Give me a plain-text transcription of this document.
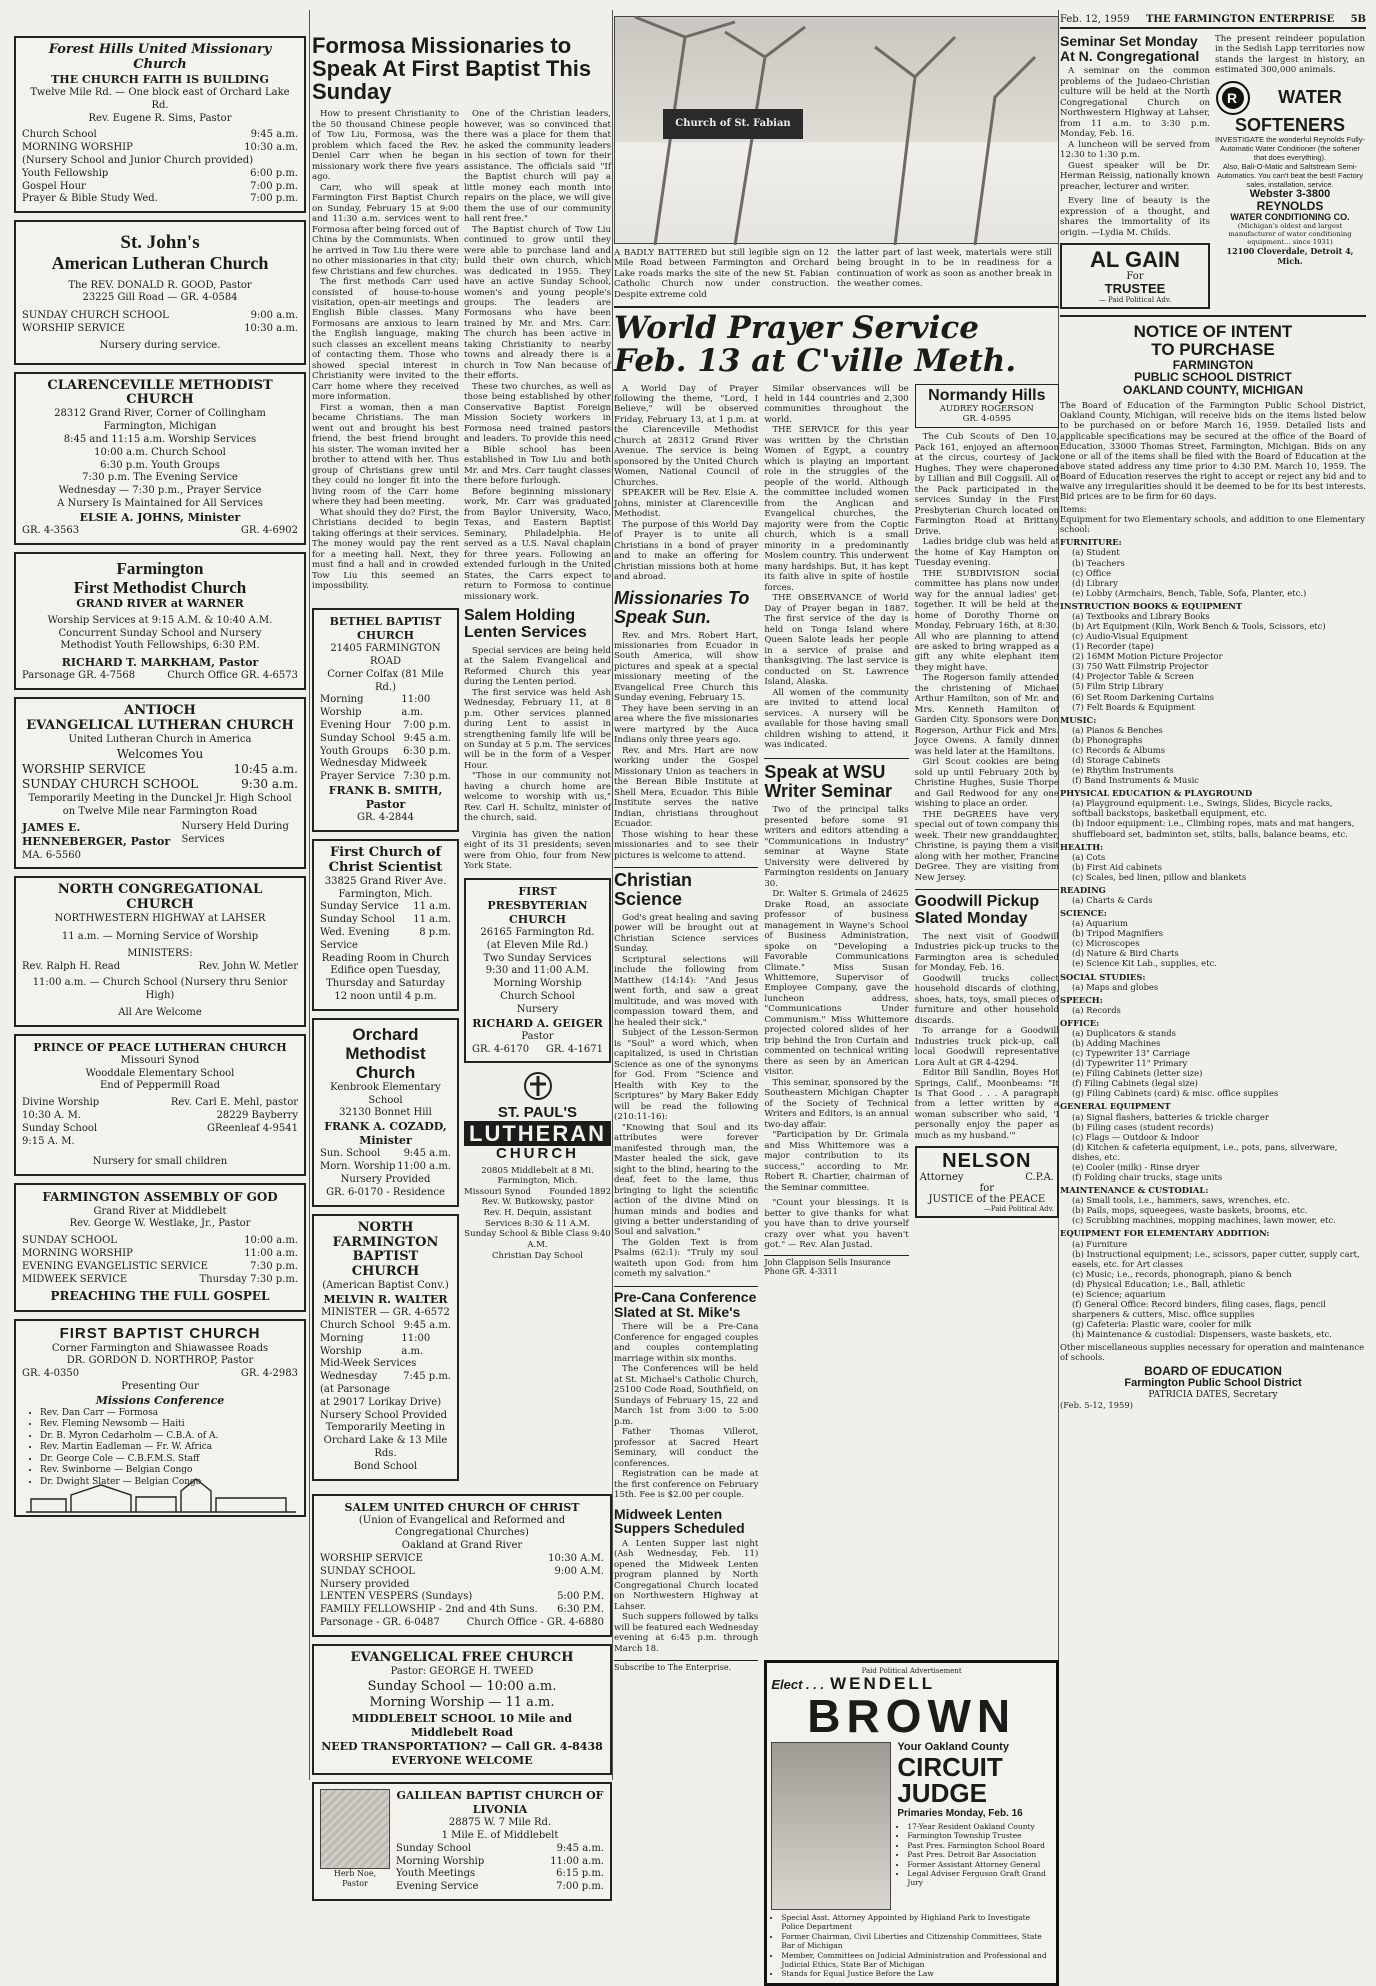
Forest Hills United Missionary Church
THE CHURCH FAITH IS BUILDING
Twelve Mile Rd. — One block east of Orchard Lake Rd.
Rev. Eugene R. Sims, Pastor
Church School	9:45 a.m.
MORNING WORSHIP	10:30 a.m.
(Nursery School and Junior Church provided)
Youth Fellowship	6:00 p.m.
Gospel Hour	7:00 p.m.
Prayer & Bible Study Wed.	7:00 p.m.
St. John's
American Lutheran Church
The REV. DONALD R. GOOD, Pastor
23225 Gill Road — GR. 4-0584
SUNDAY CHURCH SCHOOL	9:00 a.m.
WORSHIP SERVICE	10:30 a.m.
Nursery during service.
CLARENCEVILLE METHODIST CHURCH
28312 Grand River, Corner of Collingham
Farmington, Michigan
8:45 and 11:15 a.m. Worship Services
10:00 a.m. Church School
6:30 p.m. Youth Groups
7:30 p.m. The Evening Service
Wednesday — 7:30 p.m., Prayer Service
A Nursery Is Maintained for All Services
ELSIE A. JOHNS, Minister
GR. 4-3563	GR. 4-6902
Farmington
First Methodist Church
GRAND RIVER at WARNER
Worship Services at 9:15 A.M. & 10:40 A.M.
Concurrent Sunday School and Nursery
Methodist Youth Fellowships, 6:30 P.M.
RICHARD T. MARKHAM, Pastor
Parsonage GR. 4-7568	Church Office GR. 4-6573
ANTIOCH
EVANGELICAL LUTHERAN CHURCH
United Lutheran Church in America
Welcomes You
WORSHIP SERVICE	10:45 a.m.
SUNDAY CHURCH SCHOOL	9:30 a.m.
Temporarily Meeting in the Dunckel Jr. High School
on Twelve Mile near Farmington Road
JAMES E. HENNEBERGER, Pastor
Nursery Held During Services
MA. 6-5560
NORTH CONGREGATIONAL CHURCH
NORTHWESTERN HIGHWAY at LAHSER
11 a.m. — Morning Service of Worship
MINISTERS:
Rev. Ralph H. Read	Rev. John W. Metler
11:00 a.m. — Church School (Nursery thru Senior High)
All Are Welcome
PRINCE OF PEACE LUTHERAN CHURCH
Missouri Synod
Wooddale Elementary School
End of Peppermill Road
Divine Worship
10:30 A. M.
Sunday School
9:15 A. M.
Rev. Carl E. Mehl, pastor
28229 Bayberry
GReenleaf 4-9541
Nursery for small children
FARMINGTON ASSEMBLY OF GOD
Grand River at Middlebelt
Rev. George W. Westlake, Jr., Pastor
SUNDAY SCHOOL	10:00 a.m.
MORNING WORSHIP	11:00 a.m.
EVENING EVANGELISTIC SERVICE	7:30 p.m.
MIDWEEK SERVICE	Thursday 7:30 p.m.
PREACHING THE FULL GOSPEL
FIRST BAPTIST CHURCH
Corner Farmington and Shiawassee Roads
DR. GORDON D. NORTHROP, Pastor
GR. 4-0350	GR. 4-2983
Presenting Our
Missions Conference
• Rev. Dan Carr — Formosa
• Rev. Fleming Newsomb — Haiti
• Dr. B. Myron Cedarholm — C.B.A. of A.
• Rev. Martin Eadleman — Fr. W. Africa
• Dr. George Cole — C.B.F.M.S. Staff
• Rev. Swinborne — Belgian Congo
• Dr. Dwight Slater — Belgian Congo
Formosa Missionaries to Speak At First Baptist This Sunday

How to present Christianity to the 50 thousand Chinese people of Tow Liu, Formosa, was the problem which faced the Rev. Deniel Carr when he began missionary work there five years ago.

Carr, who will speak at Farmington First Baptist Church on Sunday, February 15 at 9:00 and 11:30 a.m. services went to Formosa after being forced out of China by the Communists. When he arrived in Tow Liu there were no other missionaries in that city; few Christians and few churches.

The first methods Carr used consisted of house-to-house visitation, open-air meetings and English Bible classes. Many Formosans are anxious to learn the English language, making such classes an excellent means of contacting them. Those who showed special interest in Christianity were invited to the Carr home where they received more information.

First a woman, then a man became Christians. The man went out and brought his best friend, the best friend brought his sister. The woman invited her brother to attend with her. Thus group of Christians grew until they could no longer fit into the living room of the Carr home where they had been meeting.

What should they do? First, the Christians decided to begin taking offerings at their services. The money would pay the rent for a meeting hall. Next, they must find a hall and in crowded Tow Liu this seemed an impossibility.

One of the Christian leaders, however, was so convinced that there was a place for them that he asked the community leaders in his section of town for their assistance. The officials said "If the Baptist church will pay a little money each month into repairs on the place, we will give them the use of our community hall rent free."

The Baptist church of Tow Liu continued to grow until they were able to purchase land and build their own church, which was dedicated in 1955. They have an active Sunday School, women's and young people's groups. The leaders are Formosans who have been trained by Mr. and Mrs. Carr. The church has been active in taking Christianity to nearby towns and already there is a church in Tow Nan because of their efforts.

These two churches, as well as those being established by other Conservative Baptist Foreign Mission Society workers in Formosa need trained pastors and leaders. To provide this need a Bible school has been established in Tow Liu and both Mr. and Mrs. Carr taught classes there before furlough.

Before beginning missionary work, Mr. Carr was graduated from Baylor University, Waco, Texas, and Eastern Baptist Seminary, Philadelphia. He served as a U.S. Naval chaplain for three years. Following an extended furlough in the United States, the Carrs expect to return to Formosa to continue missionary work.

BETHEL BAPTIST CHURCH
21405 FARMINGTON ROAD
Corner Colfax (81 Mile Rd.)
Morning Worship
11:00 a.m.
Evening Hour 7:00 p.m.
Sunday School 9:45 a.m.
Youth Groups 6:30 p.m.
Wednesday Midweek
Prayer Service 7:30 p.m.
FRANK B. SMITH, Pastor
GR. 4-2844
First Church of Christ Scientist
33825 Grand River Ave.
Farmington, Mich.
Sunday Service 11 a.m.
Sunday School 11 a.m.
Wed. Evening	8 p.m.
Service
Reading Room in Church Edifice open Tuesday, Thursday and Saturday 12 noon until 4 p.m.
Orchard Methodist Church
Kenbrook Elementary School
32130 Bonnet Hill
FRANK A. COZADD, Minister
Sun. School 9:45 a.m.
Morn. Worship 11:00 a.m.
Nursery Provided
GR. 6-0170 - Residence
NORTH FARMINGTON BAPTIST CHURCH
(American Baptist Conv.)
MELVIN R. WALTER
MINISTER — GR. 4-6572
Church School 9:45 a.m.
Morning Worship
11:00 a.m.
Mid-Week Services
Wednesday	7:45 p.m.
(at Parsonage
at 29017 Lorikay Drive)
Nursery School Provided
Temporarily Meeting in
Orchard Lake & 13 Mile Rds.
Bond School
Salem Holding Lenten Services

Special services are being held at the Salem Evangelical and Reformed Church this year during the Lenten period.

The first service was held Ash Wednesday, February 11, at 8 p.m. Other services planned during Lent to assist in strengthening family life will be on Sunday at 5 p.m. The services will be in the form of a Vesper Hour.

"Those in our community not having a church home are welcome to worship with us," Rev. Carl H. Schultz, minister of the church, said.

Virginia has given the nation eight of its 31 presidents; seven were from Ohio, four from New York State.

FIRST PRESBYTERIAN CHURCH
26165 Farmington Rd.
(at Eleven Mile Rd.)
Two Sunday Services
9:30 and 11:00 A.M.
Morning Worship
Church School
Nursery
RICHARD A. GEIGER
Pastor
GR. 4-6170 GR. 4-1671
ST. PAUL'S
LUTHERAN
CHURCH
20805 Middlebelt at 8 Mi.
Farmington, Mich.
Missouri Synod Founded 1892
Rev. W. Butkowsky, pastor
Rev. H. Dequin, assistant
Services 8:30 & 11 A.M.
Sunday School & Bible Class 9:40 A.M.
Christian Day School
SALEM UNITED CHURCH OF CHRIST
(Union of Evangelical and Reformed and Congregational Churches)
Oakland at Grand River
WORSHIP SERVICE	10:30 A.M.
SUNDAY SCHOOL	9:00 A.M.
Nursery provided
LENTEN VESPERS (Sundays)	5:00 P.M.
FAMILY FELLOWSHIP - 2nd and 4th Suns. 6:30 P.M.
Parsonage - GR. 6-0487	Church Office - GR. 4-6880
EVANGELICAL FREE CHURCH
Pastor: GEORGE H. TWEED
Sunday School — 10:00 a.m.
Morning Worship — 11 a.m.
MIDDLEBELT SCHOOL 10 Mile and Middlebelt Road
NEED TRANSPORTATION? — Call GR. 4-8438
EVERYONE WELCOME
Herb Noe, Pastor
GALILEAN BAPTIST CHURCH OF LIVONIA
28875 W. 7 Mile Rd.
1 Mile E. of Middlebelt
Sunday School	9:45 a.m.
Morning Worship	11:00 a.m.
Youth Meetings	6:15 p.m.
Evening Service	7:00 p.m.
Church of St. Fabian
A BADLY BATTERED but still legible sign on 12 Mile Road between Farmington and Orchard Lake roads marks the site of the new St. Fabian Catholic Church now under construction. Despite extreme cold
the latter part of last week, materials were still being brought in to be in readiness for a continuation of work as soon as another break in the weather comes.
World Prayer Service Feb. 13 at C'ville Meth.

A World Day of Prayer following the theme, "Lord, I Believe," will be observed Friday, February 13, at 1 p.m. at the Clarenceville Methodist Church at 28312 Grand River Avenue. The service is being sponsored by the United Church Women, National Council of Churches.

SPEAKER will be Rev. Elsie A. Johns, minister at Clarenceville Methodist.

The purpose of this World Day of Prayer is to unite all Christians in a bond of prayer and to make an offering for Christian missions both at home and abroad.

Missionaries To Speak Sun.

Rev. and Mrs. Robert Hart, missionaries from Ecuador in South America, will show pictures and speak at a special missionary meeting of the Evangelical Free Church this Sunday evening, February 15.

They have been serving in an area where the five missionaries were martyred by the Auca Indians only three years ago.

Rev. and Mrs. Hart are now working under the Gospel Missionary Union as teachers in the Berean Bible Institute at Shell Mera, Ecuador. This Bible Institute serves the native Indian, christians throughout Ecuador.

Those wishing to hear these missionaries and to see their pictures is welcome to attend.

Christian Science

God's great healing and saving power will be brought out at Christian Science services Sunday.

Scriptural selections will include the following from Matthew (14:14): "And Jesus went forth, and saw a great multitude, and was moved with compassion toward them, and he healed their sick."

Subject of the Lesson-Sermon is "Soul" a word which, when capitalized, is used in Christian Science as one of the synonyms for God. From "Science and Health with Key to the Scriptures" by Mary Baker Eddy will be read the following (210:11-16):

"Knowing that Soul and its attributes were forever manifested through man, the Master healed the sick, gave sight to the blind, hearing to the deaf, feet to the lame, thus bringing to light the scientific action of the divine Mind on human minds and bodies and giving a better understanding of Soul and salvation."

The Golden Text is from Psalms (62:1): "Truly my soul waiteth upon God: from him cometh my salvation."

Pre-Cana Conference Slated at St. Mike's

There will be a Pre-Cana Conference for engaged couples and couples contemplating marriage within six months.

The Conferences will be held at St. Michael's Catholic Church, 25100 Code Road, Southfield, on Sundays of February 15, 22 and March 1st from 3:00 to 5:00 p.m.

Father Thomas Villerot, professor at Sacred Heart Seminary, will conduct the conferences.

Registration can be made at the first conference on February 15th. Fee is $2.00 per couple.

Midweek Lenten Suppers Scheduled

A Lenten Supper last night (Ash Wednesday, Feb. 11) opened the Midweek Lenten program planned by North Congregational Church located on Northwestern Highway at Lahser.

Such suppers followed by talks will be featured each Wednesday evening at 6:45 p.m. through March 18.

Similar observances will be held in 144 countries and 2,300 communities throughout the world.

THE SERVICE for this year was written by the Christian Women of Egypt, a country which is playing an important role in the struggles of the people of the world. Although the committee included women from the Anglican and Evangelical churches, the majority were from the Coptic church, which is a small minority in a predominantly Moslem country. This underwent many hardships. But, it has kept its faith alive in spite of hostile forces.

THE OBSERVANCE of World Day of Prayer began in 1887. The first service of the day is held on Tonga Island where Queen Salote leads her people in a service of praise and thanksgiving. The last service is conducted on St. Lawrence Island, Alaska.

All women of the community are invited to attend local services. A nursery will be available for those having small children wishing to attend, it was indicated.

Speak at WSU Writer Seminar

Two of the principal talks presented before some 91 writers and editors attending a "Communications in Industry" seminar at Wayne State University were delivered by Farmington residents on January 30.

Dr. Walter S. Grimala of 24625 Drake Road, an associate professor of business management in Wayne's School of Business Administration, spoke on "Developing a Favorable Communications Climate." Miss Susan Whittemore, Supervisor of Employee Company, gave the luncheon address, "Communications Under Communism." Miss Whittemore projected colored slides of her trip behind the Iron Curtain and commented on technical writing there as seen by an American visitor.

This seminar, sponsored by the Southeastern Michigan Chapter of the Society of Technical Writers and Editors, is an annual two-day affair.

"Participation by Dr. Grimala and Miss Whittemore was a major contribution to its success," according to Mr. Robert R. Chartier, chairman of the Seminar committee.

"Count your blessings. It is better to give thanks for what you have than to drive yourself crazy over what you haven't got." — Rev. Alan Justad.

John Clappison Sells Insurance Phone GR. 4-3311
Normandy Hills
AUDREY ROGERSON
GR. 4-0595

The Cub Scouts of Den 10, Pack 161, enjoyed an afternoon at the circus, courtesy of Jack Hughes. They were chaperoned by Lillian and Bill Coggsill. All of the Pack participated in the services Sunday in the First Presbyterian Church located on Farmington Road at Brittany Drive.

Ladies bridge club was held at the home of Kay Hampton on Tuesday evening.

THE SUBDIVISION social committee has plans now under way for the annual ladies' get-together. It will be held at the home of Dorothy Thorne on Monday, February 16th, at 8:30. All who are planning to attend are asked to bring wrapped as a gift any white elephant item they might have.

The Rogerson family attended the christening of Michael Arthur Hamilton, son of Mr. and Mrs. Kenneth Hamilton of Garden City. Sponsors were Don Rogerson, Arthur Fick and Mrs. Joyce Owens. A family dinner was held later at the Hamiltons.

Girl Scout cookies are being sold up until February 20th by Christine Hughes, Susie Thorpe and Gail Redwood for any one wishing to place an order.

THE DeGREES have very special out of town company this week. Their new granddaughter, Christine, is paying them a visit along with her mother, Francine DeGree. They are visiting from New Jersey.

Goodwill Pickup Slated Monday

The next visit of Goodwill Industries pick-up trucks to the Farmington area is scheduled for Monday, Feb. 16.

Goodwill trucks collect household discards of clothing, shoes, hats, toys, small pieces of furniture and other household discards.

To arrange for a Goodwill Industries truck pick-up, call local Goodwill representative Lora Ault at GR 4-4294.

Editor Bill Sandlin, Boyes Hot Springs, Calif., Moonbeams: "It Is That Good . . . A paragraph from a letter written by a woman subscriber who said, 'I personally enjoy the paper as much as my husband.'"

NELSON
Attorney	C.P.A.
for
JUSTICE of the PEACE
—Paid Political Adv.
Subscribe to The Enterprise.	Paid Political Advertisement
Elect . . . WENDELL
BROWN
Your Oakland County
CIRCUIT
JUDGE
Primaries Monday, Feb. 16
• 17-Year Resident Oakland County
• Farmington Township Trustee
• Past Pres. Farmington School Board
• Past Pres. Detroit Bar Association
• Former Assistant Attorney General
• Legal Adviser Ferguson Graft Grand Jury
• Special Asst. Attorney Appointed by Highland Park to Investigate Police Department
• Former Chairman, Civil Liberties and Citizenship Committees, State Bar of Michigan
• Member, Committees on Judicial Administration and Professional and Judicial Ethics, State Bar of Michigan
• Stands for Equal Justice Before the Law
Feb. 12, 1959 THE FARMINGTON ENTERPRISE 5B
Seminar Set Monday At N. Congregational

A seminar on the common problems of the Judaeo-Christian culture will be held at the North Congregational Church on Northwestern Highway at Lahser, from 11 a.m. to 3:30 p.m. Monday, Feb. 16.

A luncheon will be served from 12:30 to 1:30 p.m.

Guest speaker will be Dr. Herman Reissig, nationally known preacher, lecturer and writer.

Every line of beauty is the expression of a thought, and shares the immortality of its origin. —Lydia M. Childs.

AL GAIN
For
TRUSTEE
— Paid Political Adv.
The present reindeer population in the Sedish Lapp territories now stands the largest in history, an estimated 300,000 animals.
R	WATER
SOFTENERS
INVESTIGATE the wonderful Reynolds Fully-Automatic Water Conditioner (the softener that does everything).
Also, Bali-O-Matic and Saltstream Semi-Automatics. You can't beat the best! Factory sales, installation, service.
Webster 3-3800
REYNOLDS
WATER CONDITIONING CO.
(Michigan's oldest and largest manufacturer of water conditioning equipment... since 1931)
12100 Cloverdale, Detroit 4, Mich.
NOTICE OF INTENT
TO PURCHASE
FARMINGTON
PUBLIC SCHOOL DISTRICT
OAKLAND COUNTY, MICHIGAN

The Board of Education of the Farmington Public School District, Oakland County, Michigan, will receive bids on the items listed below to be purchased on or before March 16, 1959. Detailed lists and applicable specifications may be secured at the office of the Board of Education, 33000 Thomas Street, Farmington, Michigan. Bids on any one or all of the items shall be filed with the Board of Education at the above stated address any time prior to 4:30 P.M. March 10, 1959. The Board of Education reserves the right to accept or reject any bid and to waive any irregularities should it be deemed to be for its best interests. Bid prices are to be firm for 60 days.

Items:
Equipment for two Elementary schools, and addition to one Elementary school:
FURNITURE:
(a) Student
(b) Teachers
(c) Office
(d) Library
(e) Lobby (Armchairs, Bench, Table, Sofa, Planter, etc.)
INSTRUCTION BOOKS & EQUIPMENT
(a) Textbooks and Library Books
(b) Art Equipment (Kiln, Work Bench & Tools, Scissors, etc)
(c) Audio-Visual Equipment
(1) Recorder (tape)
(2) 16MM Motion Picture Projector
(3) 750 Watt Filmstrip Projector
(4) Projector Table & Screen
(5) Film Strip Library
(6) Set Room Darkening Curtains
(7) Felt Boards & Equipment
MUSIC:
(a) Pianos & Benches
(b) Phonographs
(c) Records & Albums
(d) Storage Cabinets
(e) Rhythm Instruments
(f) Band Instruments & Music
PHYSICAL EDUCATION & PLAYGROUND
(a) Playground equipment: i.e., Swings, Slides, Bicycle racks, softball backstops, basketball equipment, etc.
(b) Indoor equipment: i.e., Climbing ropes, mats and mat hangers, shuffleboard set, badminton set, stilts, balls, balance beams, etc.
HEALTH:
(a) Cots
(b) First Aid cabinets
(c) Scales, bed linen, pillow and blankets
READING
(a) Charts & Cards
SCIENCE:
(a) Aquarium
(b) Tripod Magnifiers
(c) Microscopes
(d) Nature & Bird Charts
(e) Science Kit Lab., supplies, etc.
SOCIAL STUDIES:
(a) Maps and globes
SPEECH:
(a) Records
OFFICE:
(a) Duplicators & stands
(b) Adding Machines
(c) Typewriter 13" Carriage
(d) Typewriter 11" Primary
(e) Filing Cabinets (letter size)
(f) Filing Cabinets (legal size)
(g) Filing Cabinets (card) & misc. office supplies
GENERAL EQUIPMENT
(a) Signal flashers, batteries & trickle charger
(b) Filing cases (student records)
(c) Flags — Outdoor & Indoor
(d) Kitchen & cafeteria equipment, i.e., pots, pans, silverware, dishes, etc.
(e) Cooler (milk) - Rinse dryer
(f) Folding chair trucks, stage units
MAINTENANCE & CUSTODIAL:
(a) Small tools, i.e., hammers, saws, wrenches, etc.
(b) Pails, mops, squeegees, waste baskets, brooms, etc.
(c) Scrubbing machines, mopping machines, lawn mower, etc.
EQUIPMENT FOR ELEMENTARY ADDITION:
(a) Furniture
(b) Instructional equipment; i.e., scissors, paper cutter, supply cart, easels, etc. for Art classes
(c) Music; i.e., records, phonograph, piano & bench
(d) Physical Education; i.e., Ball, athletic
(e) Science; aquarium
(f) General Office: Record binders, filing cases, flags, pencil sharpeners & cutters, Misc. office supplies
(g) Cafeteria: Plastic ware, cooler for milk
(h) Maintenance & custodial: Dispensers, waste baskets, etc.

Other miscellaneous supplies necessary for operation and maintenance of schools.

BOARD OF EDUCATION
Farmington Public School District
PATRICIA DATES, Secretary
(Feb. 5-12, 1959)
